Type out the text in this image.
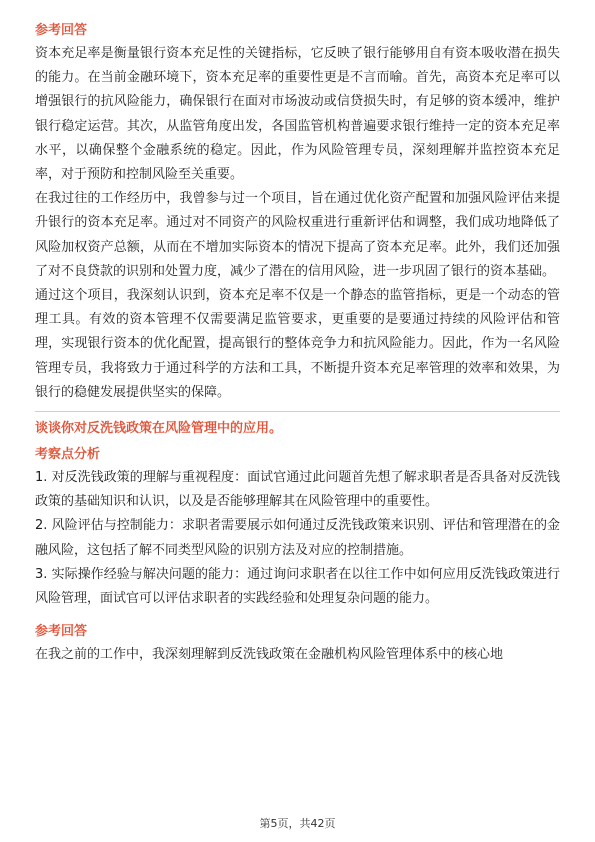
参考回答

资本充足率是衡量银行资本充足性的关键指标，它反映了银行能够用自有资本吸收潜在损失的能力。在当前金融环境下，资本充足率的重要性更是不言而喻。首先，高资本充足率可以增强银行的抗风险能力，确保银行在面对市场波动或信贷损失时，有足够的资本缓冲，维护银行稳定运营。其次，从监管角度出发，各国监管机构普遍要求银行维持一定的资本充足率水平，以确保整个金融系统的稳定。因此，作为风险管理专员，深刻理解并监控资本充足率，对于预防和控制风险至关重要。

在我过往的工作经历中，我曾参与过一个项目，旨在通过优化资产配置和加强风险评估来提升银行的资本充足率。通过对不同资产的风险权重进行重新评估和调整，我们成功地降低了风险加权资产总额，从而在不增加实际资本的情况下提高了资本充足率。此外，我们还加强了对不良贷款的识别和处置力度，减少了潜在的信用风险，进一步巩固了银行的资本基础。

通过这个项目，我深刻认识到，资本充足率不仅是一个静态的监管指标，更是一个动态的管理工具。有效的资本管理不仅需要满足监管要求，更重要的是要通过持续的风险评估和管理，实现银行资本的优化配置，提高银行的整体竞争力和抗风险能力。因此，作为一名风险管理专员，我将致力于通过科学的方法和工具，不断提升资本充足率管理的效率和效果，为银行的稳健发展提供坚实的保障。

谈谈你对反洗钱政策在风险管理中的应用。
考察点分析

1. 对反洗钱政策的理解与重视程度：面试官通过此问题首先想了解求职者是否具备对反洗钱政策的基础知识和认识，以及是否能够理解其在风险管理中的重要性。

2. 风险评估与控制能力：求职者需要展示如何通过反洗钱政策来识别、评估和管理潜在的金融风险，这包括了解不同类型风险的识别方法及对应的控制措施。

3. 实际操作经验与解决问题的能力：通过询问求职者在以往工作中如何应用反洗钱政策进行风险管理，面试官可以评估求职者的实践经验和处理复杂问题的能力。

参考回答

在我之前的工作中，我深刻理解到反洗钱政策在金融机构风险管理体系中的核心地

第5页，共42页
